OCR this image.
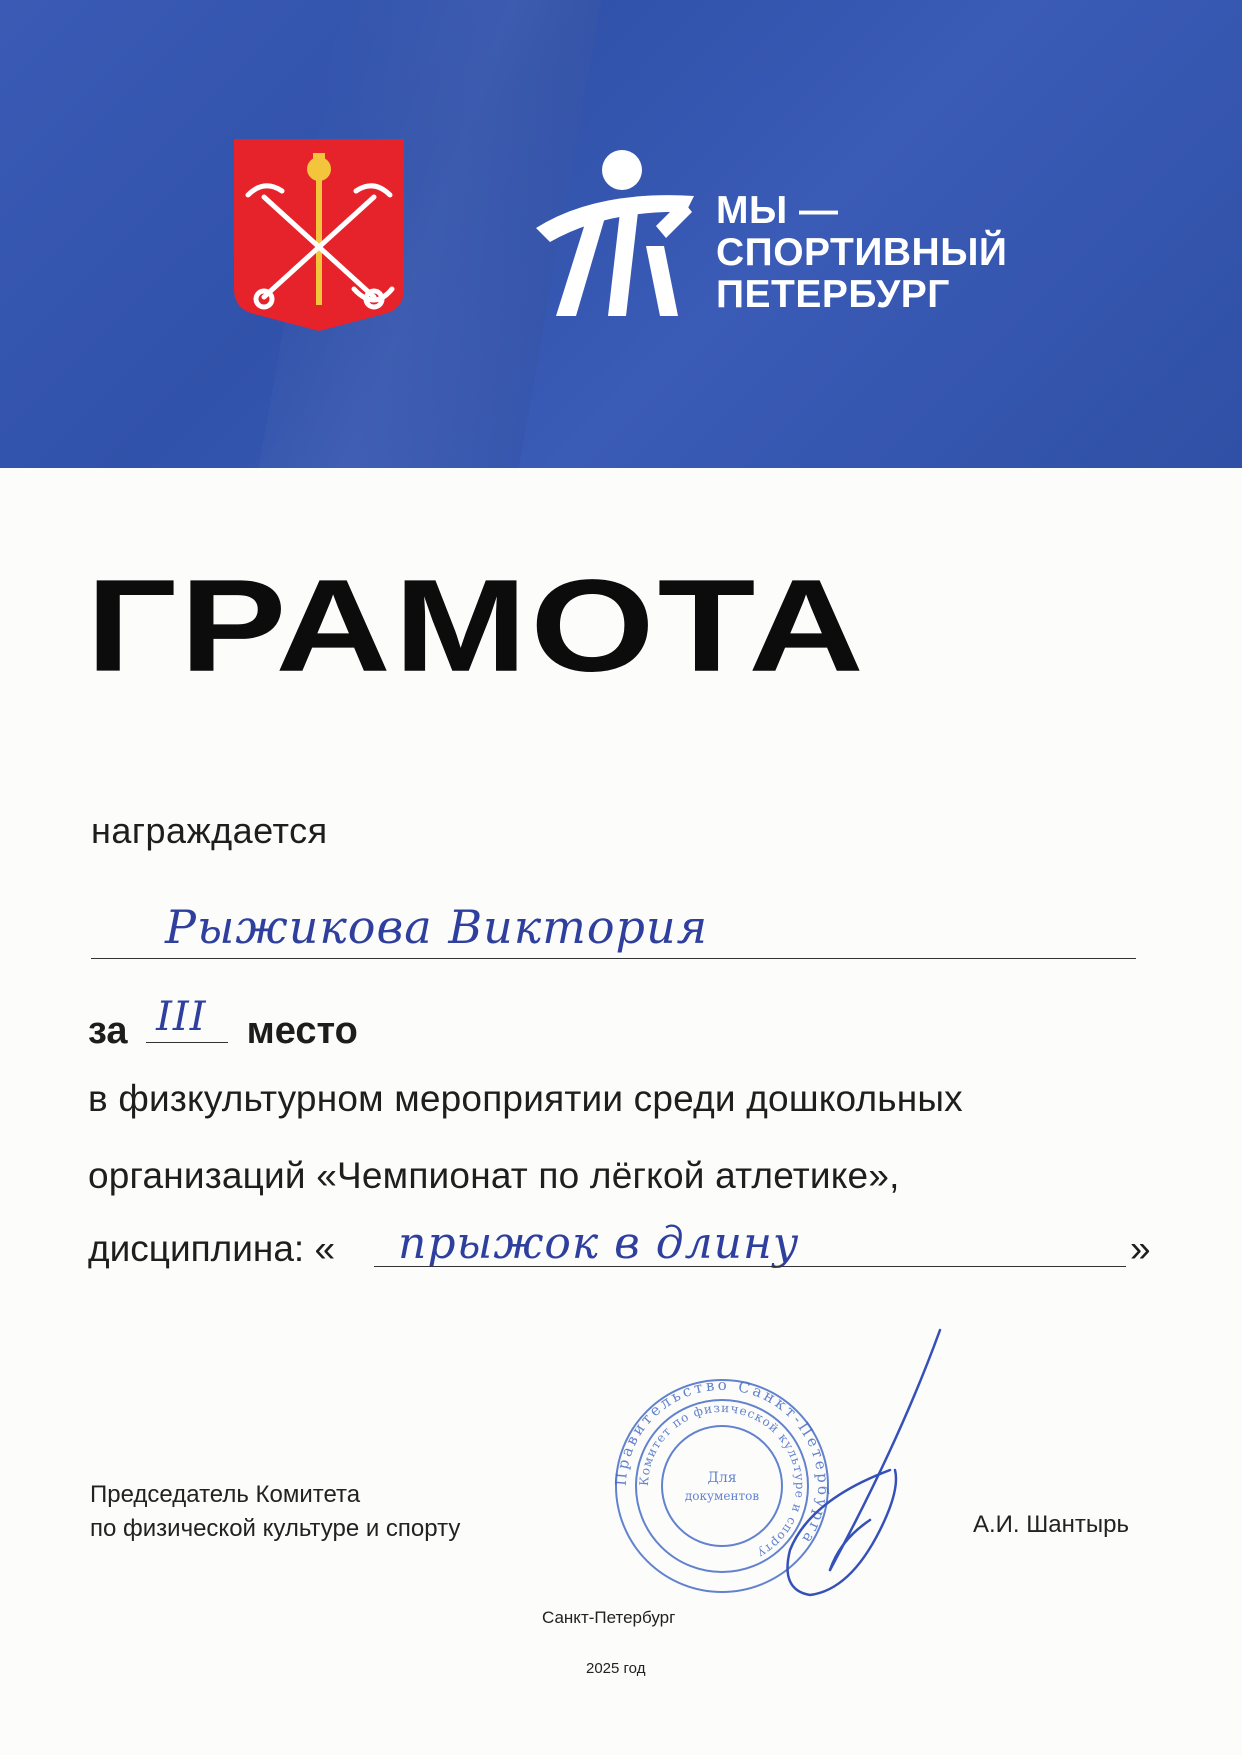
МЫ —
СПОРТИВНЫЙ
ПЕТЕРБУРГ
ГРАМОТА
награждается
Рыжикова Виктория
за III место
в физкультурном мероприятии среди дошкольных
организаций «Чемпионат по лёгкой атлетике»,
дисциплина: « прыжок в длину	»
Председатель Комитета
по физической культуре и спорту
Правительство Санкт-Петербурга
Комитет по физической культуре и спорту
Для
документов
А.И. Шантырь
Санкт-Петербург
2025 год
